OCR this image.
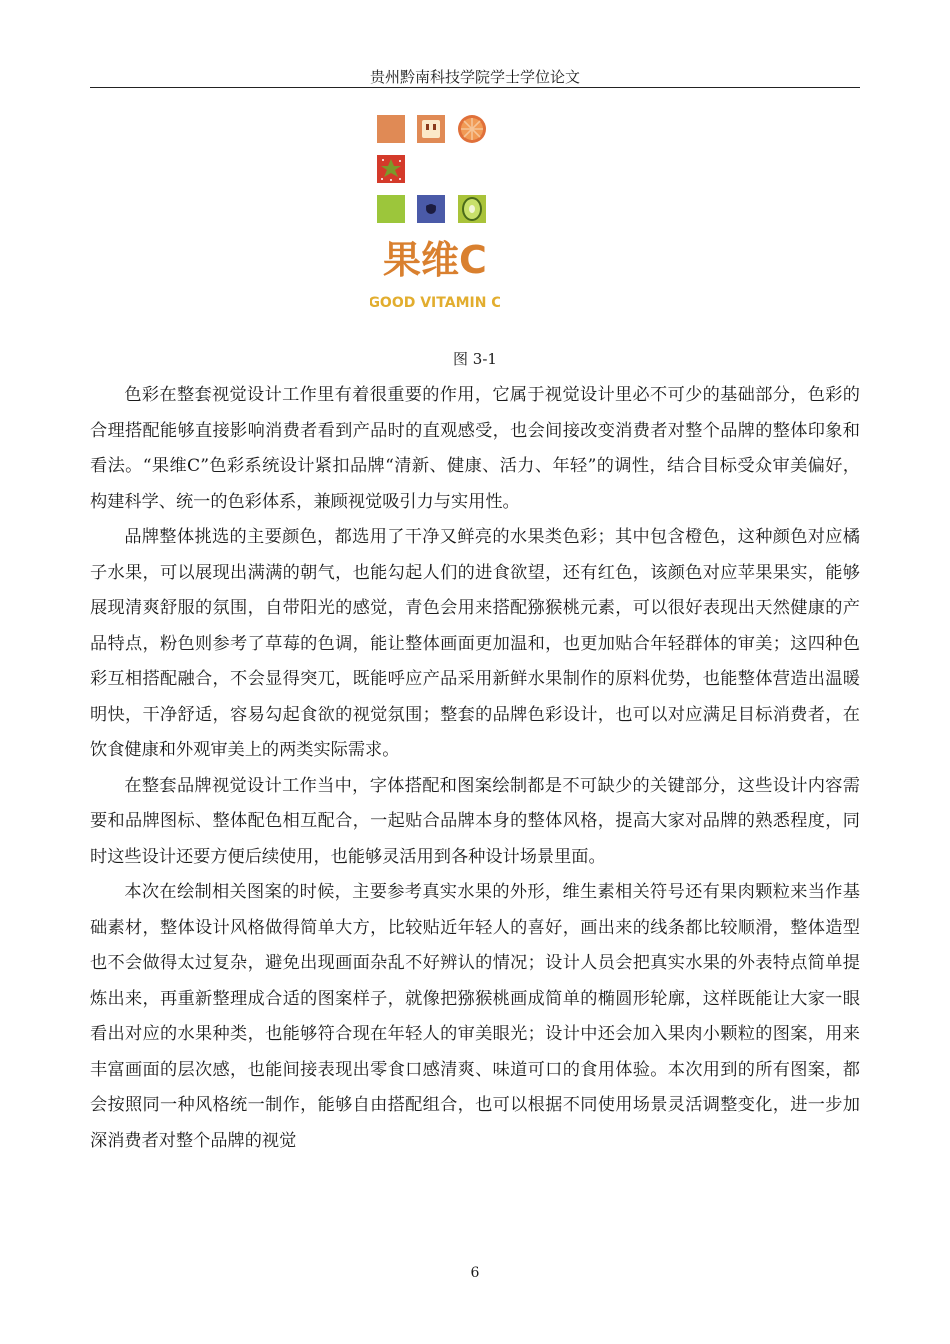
贵州黔南科技学院学士学位论文
果维C
GOOD VITAMIN C
图 3-1

色彩在整套视觉设计工作里有着很重要的作用，它属于视觉设计里必不可少的基础部分，色彩的合理搭配能够直接影响消费者看到产品时的直观感受，也会间接改变消费者对整个品牌的整体印象和看法。“果维C”色彩系统设计紧扣品牌“清新、健康、活力、年轻”的调性，结合目标受众审美偏好，构建科学、统一的色彩体系，兼顾视觉吸引力与实用性。

品牌整体挑选的主要颜色，都选用了干净又鲜亮的水果类色彩；其中包含橙色，这种颜色对应橘子水果，可以展现出满满的朝气，也能勾起人们的进食欲望，还有红色，该颜色对应苹果果实，能够展现清爽舒服的氛围，自带阳光的感觉，青色会用来搭配猕猴桃元素，可以很好表现出天然健康的产品特点，粉色则参考了草莓的色调，能让整体画面更加温和，也更加贴合年轻群体的审美；这四种色彩互相搭配融合，不会显得突兀，既能呼应产品采用新鲜水果制作的原料优势，也能整体营造出温暖明快，干净舒适，容易勾起食欲的视觉氛围；整套的品牌色彩设计，也可以对应满足目标消费者，在饮食健康和外观审美上的两类实际需求。

在整套品牌视觉设计工作当中，字体搭配和图案绘制都是不可缺少的关键部分，这些设计内容需要和品牌图标、整体配色相互配合，一起贴合品牌本身的整体风格，提高大家对品牌的熟悉程度，同时这些设计还要方便后续使用，也能够灵活用到各种设计场景里面。

本次在绘制相关图案的时候，主要参考真实水果的外形，维生素相关符号还有果肉颗粒来当作基础素材，整体设计风格做得简单大方，比较贴近年轻人的喜好，画出来的线条都比较顺滑，整体造型也不会做得太过复杂，避免出现画面杂乱不好辨认的情况；设计人员会把真实水果的外表特点简单提炼出来，再重新整理成合适的图案样子，就像把猕猴桃画成简单的椭圆形轮廓，这样既能让大家一眼看出对应的水果种类，也能够符合现在年轻人的审美眼光；设计中还会加入果肉小颗粒的图案，用来丰富画面的层次感，也能间接表现出零食口感清爽、味道可口的食用体验。本次用到的所有图案，都会按照同一种风格统一制作，能够自由搭配组合，也可以根据不同使用场景灵活调整变化，进一步加深消费者对整个品牌的视觉

6
